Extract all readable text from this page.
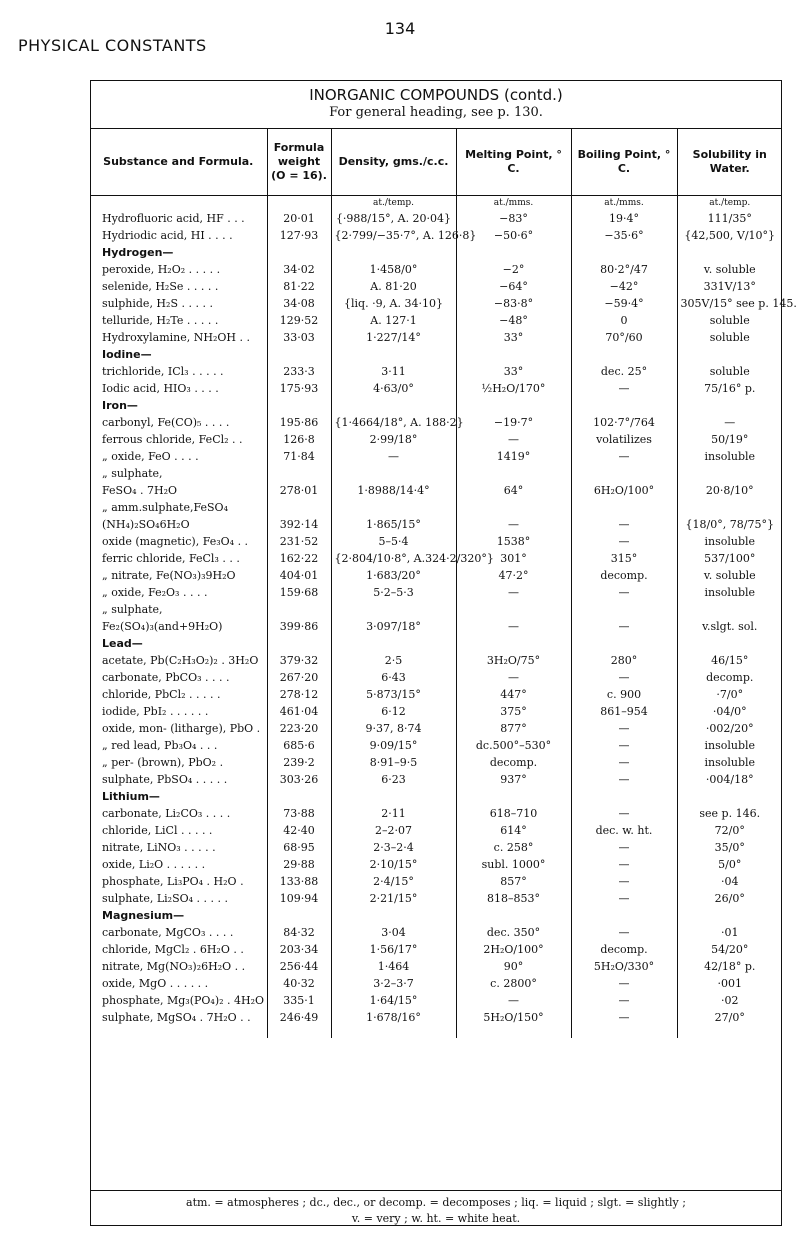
134
PHYSICAL CONSTANTS
INORGANIC COMPOUNDS (contd.)
For general heading, see p. 130.
Substance and Formula.	Formula weight (O = 16).	Density, gms./c.c.	Melting Point, ° C.	Boiling Point, ° C.	Solubility in Water.
		at./temp.	at./mms.	at./mms.	at./temp.
Hydrofluoric acid, HF . . .	20·01	{·988/15°, A. 20·04}	−83°	19·4°	111/35°
Hydriodic acid, HI . . . .	127·93	{2·799/−35·7°, A. 126·8}	−50·6°	−35·6°	{42,500, V/10°}
Hydrogen—					
peroxide, H₂O₂ . . . . .	34·02	1·458/0°	−2°	80·2°/47	v. soluble
selenide, H₂Se . . . . .	81·22	A. 81·20	−64°	−42°	331V/13°
sulphide, H₂S . . . . .	34·08	{liq. ·9, A. 34·10}	−83·8°	−59·4°	305V/15° see p. 145.
telluride, H₂Te . . . . .	129·52	A. 127·1	−48°	0	soluble
Hydroxylamine, NH₂OH . .	33·03	1·227/14°	33°	70°/60	soluble
Iodine—					
trichloride, ICl₃ . . . . .	233·3	3·11	33°	dec. 25°	soluble
Iodic acid, HIO₃ . . . .	175·93	4·63/0°	½H₂O/170°	—	75/16° p.
Iron—					
carbonyl, Fe(CO)₅ . . . .	195·86	{1·4664/18°, A. 188·2}	−19·7°	102·7°/764	—
ferrous chloride, FeCl₂ . .	126·8	2·99/18°	—	volatilizes	50/19°
„ oxide, FeO . . . .	71·84	—	1419°	—	insoluble
„ sulphate,					
FeSO₄ . 7H₂O	278·01	1·8988/14·4°	64°	6H₂O/100°	20·8/10°
„ amm.sulphate,FeSO₄					
(NH₄)₂SO₄6H₂O	392·14	1·865/15°	—	—	{18/0°, 78/75°}
oxide (magnetic), Fe₃O₄ . .	231·52	5–5·4	1538°	—	insoluble
ferric chloride, FeCl₃ . . .	162·22	{2·804/10·8°, A.324·2/320°}	301°	315°	537/100°
„ nitrate, Fe(NO₃)₃9H₂O	404·01	1·683/20°	47·2°	decomp.	v. soluble
„ oxide, Fe₂O₃ . . . .	159·68	5·2–5·3	—	—	insoluble
„ sulphate,					
Fe₂(SO₄)₃(and+9H₂O)	399·86	3·097/18°	—	—	v.slgt. sol.
Lead—					
acetate, Pb(C₂H₃O₂)₂ . 3H₂O	379·32	2·5	3H₂O/75°	280°	46/15°
carbonate, PbCO₃ . . . .	267·20	6·43	—	—	decomp.
chloride, PbCl₂ . . . . .	278·12	5·873/15°	447°	c. 900	·7/0°
iodide, PbI₂ . . . . . .	461·04	6·12	375°	861–954	·04/0°
oxide, mon- (litharge), PbO .	223·20	9·37, 8·74	877°	—	·002/20°
„ red lead, Pb₃O₄ . . .	685·6	9·09/15°	dc.500°–530°	—	insoluble
„ per- (brown), PbO₂ .	239·2	8·91–9·5	decomp.	—	insoluble
sulphate, PbSO₄ . . . . .	303·26	6·23	937°	—	·004/18°
Lithium—					
carbonate, Li₂CO₃ . . . .	73·88	2·11	618–710	—	see p. 146.
chloride, LiCl . . . . .	42·40	2–2·07	614°	dec. w. ht.	72/0°
nitrate, LiNO₃ . . . . .	68·95	2·3–2·4	c. 258°	—	35/0°
oxide, Li₂O . . . . . .	29·88	2·10/15°	subl. 1000°	—	5/0°
phosphate, Li₃PO₄ . H₂O .	133·88	2·4/15°	857°	—	·04
sulphate, Li₂SO₄ . . . . .	109·94	2·21/15°	818–853°	—	26/0°
Magnesium—					
carbonate, MgCO₃ . . . .	84·32	3·04	dec. 350°	—	·01
chloride, MgCl₂ . 6H₂O . .	203·34	1·56/17°	2H₂O/100°	decomp.	54/20°
nitrate, Mg(NO₃)₂6H₂O . .	256·44	1·464	90°	5H₂O/330°	42/18° p.
oxide, MgO . . . . . .	40·32	3·2–3·7	c. 2800°	—	·001
phosphate, Mg₃(PO₄)₂ . 4H₂O	335·1	1·64/15°	—	—	·02
sulphate, MgSO₄ . 7H₂O . .	246·49	1·678/16°	5H₂O/150°	—	27/0°

atm. = atmospheres ; dc., dec., or decomp. = decomposes ; liq. = liquid ; slgt. = slightly ;
v. = very ; w. ht. = white heat.
